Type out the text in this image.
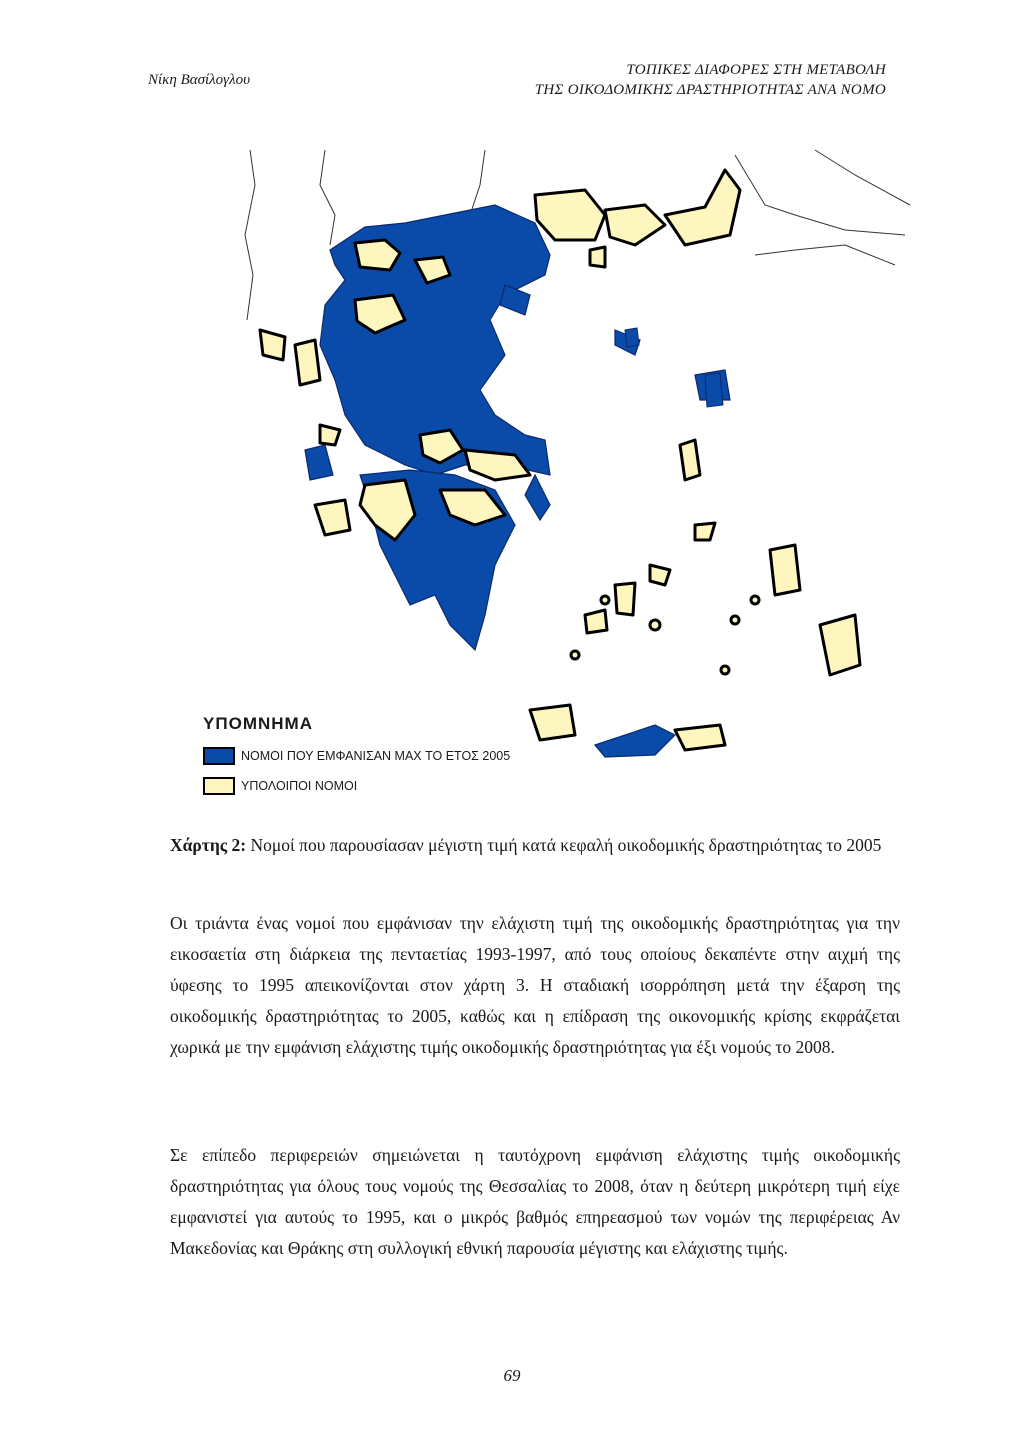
Νίκη Βασίλογλου
ΤΟΠΙΚΕΣ ΔΙΑΦΟΡΕΣ ΣΤΗ ΜΕΤΑΒΟΛΗ
ΤΗΣ ΟΙΚΟΔΟΜΙΚΗΣ ΔΡΑΣΤΗΡΙΟΤΗΤΑΣ ΑΝΑ ΝΟΜΟ
ΥΠΟΜΝΗΜΑ
ΝΟΜΟΙ ΠΟΥ ΕΜΦΑΝΙΣΑΝ MAX ΤΟ ΕΤΟΣ 2005
ΥΠΟΛΟΙΠΟΙ ΝΟΜΟΙ
Χάρτης 2: Νομοί που παρουσίασαν μέγιστη τιμή κατά κεφαλή οικοδομικής δραστηριότητας το 2005
Οι τριάντα ένας νομοί που εμφάνισαν την ελάχιστη τιμή της οικοδομικής δραστηριότητας για την εικοσαετία στη διάρκεια της πενταετίας 1993-1997, από τους οποίους δεκαπέντε στην αιχμή της ύφεσης το 1995 απεικονίζονται στον χάρτη 3. Η σταδιακή ισορρόπηση μετά την έξαρση της οικοδομικής δραστηριότητας το 2005, καθώς και η επίδραση της οικονομικής κρίσης εκφράζεται χωρικά με την εμφάνιση ελάχιστης τιμής οικοδομικής δραστηριότητας για έξι νομούς το 2008.
Σε επίπεδο περιφερειών σημειώνεται η ταυτόχρονη εμφάνιση ελάχιστης τιμής οικοδομικής δραστηριότητας για όλους τους νομούς της Θεσσαλίας το 2008, όταν η δεύτερη μικρότερη τιμή είχε εμφανιστεί για αυτούς το 1995, και ο μικρός βαθμός επηρεασμού των νομών της περιφέρειας Αν Μακεδονίας και Θράκης στη συλλογική εθνική παρουσία μέγιστης και ελάχιστης τιμής.
69
